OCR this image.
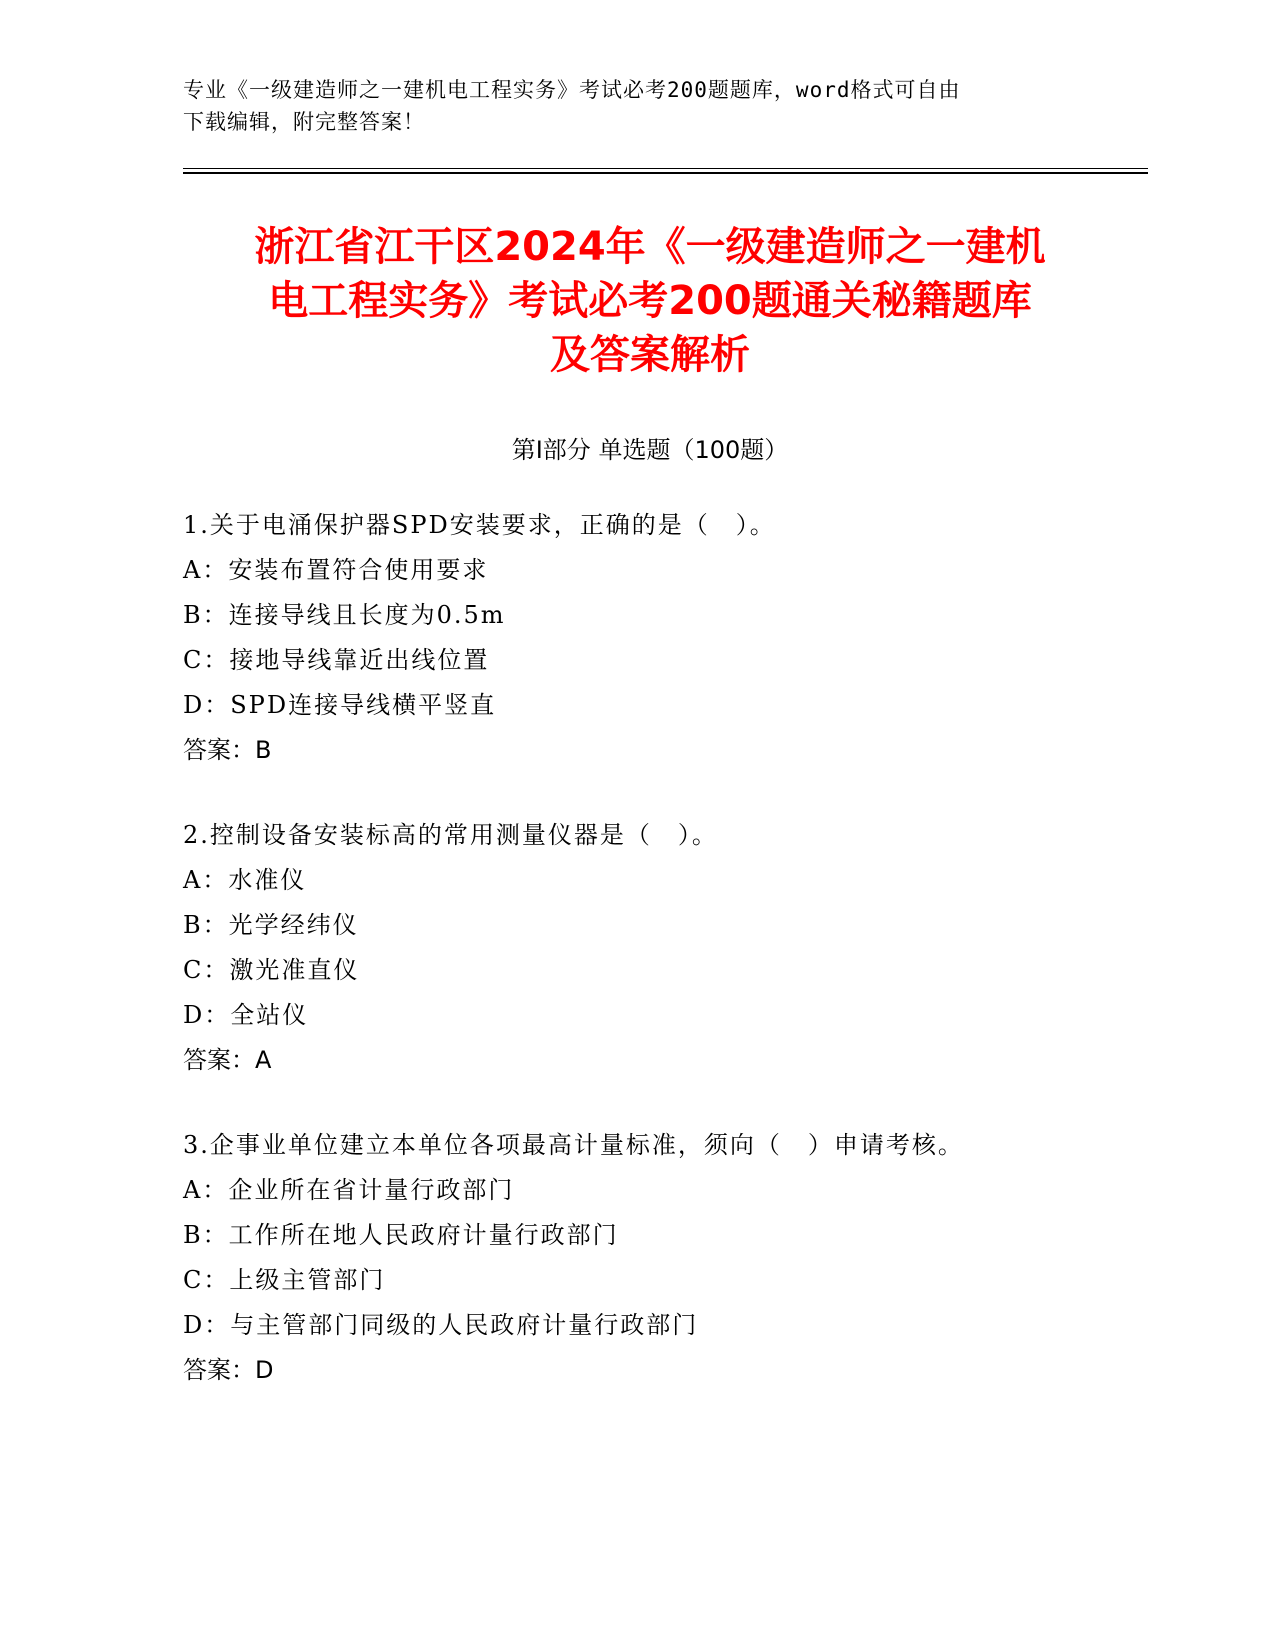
专业《一级建造师之一建机电工程实务》考试必考200题题库，word格式可自由
下载编辑，附完整答案！
浙江省江干区2024年《一级建造师之一建机
电工程实务》考试必考200题通关秘籍题库
及答案解析
第Ⅰ部分 单选题（100题）
1.关于电涌保护器SPD安装要求，正确的是（　）。
A：安装布置符合使用要求
B：连接导线且长度为0.5m
C：接地导线靠近出线位置
D：SPD连接导线横平竖直
答案：B
2.控制设备安装标高的常用测量仪器是（　）。
A：水准仪
B：光学经纬仪
C：激光准直仪
D：全站仪
答案：A
3.企事业单位建立本单位各项最高计量标准，须向（　）申请考核。
A：企业所在省计量行政部门
B：工作所在地人民政府计量行政部门
C：上级主管部门
D：与主管部门同级的人民政府计量行政部门
答案：D
